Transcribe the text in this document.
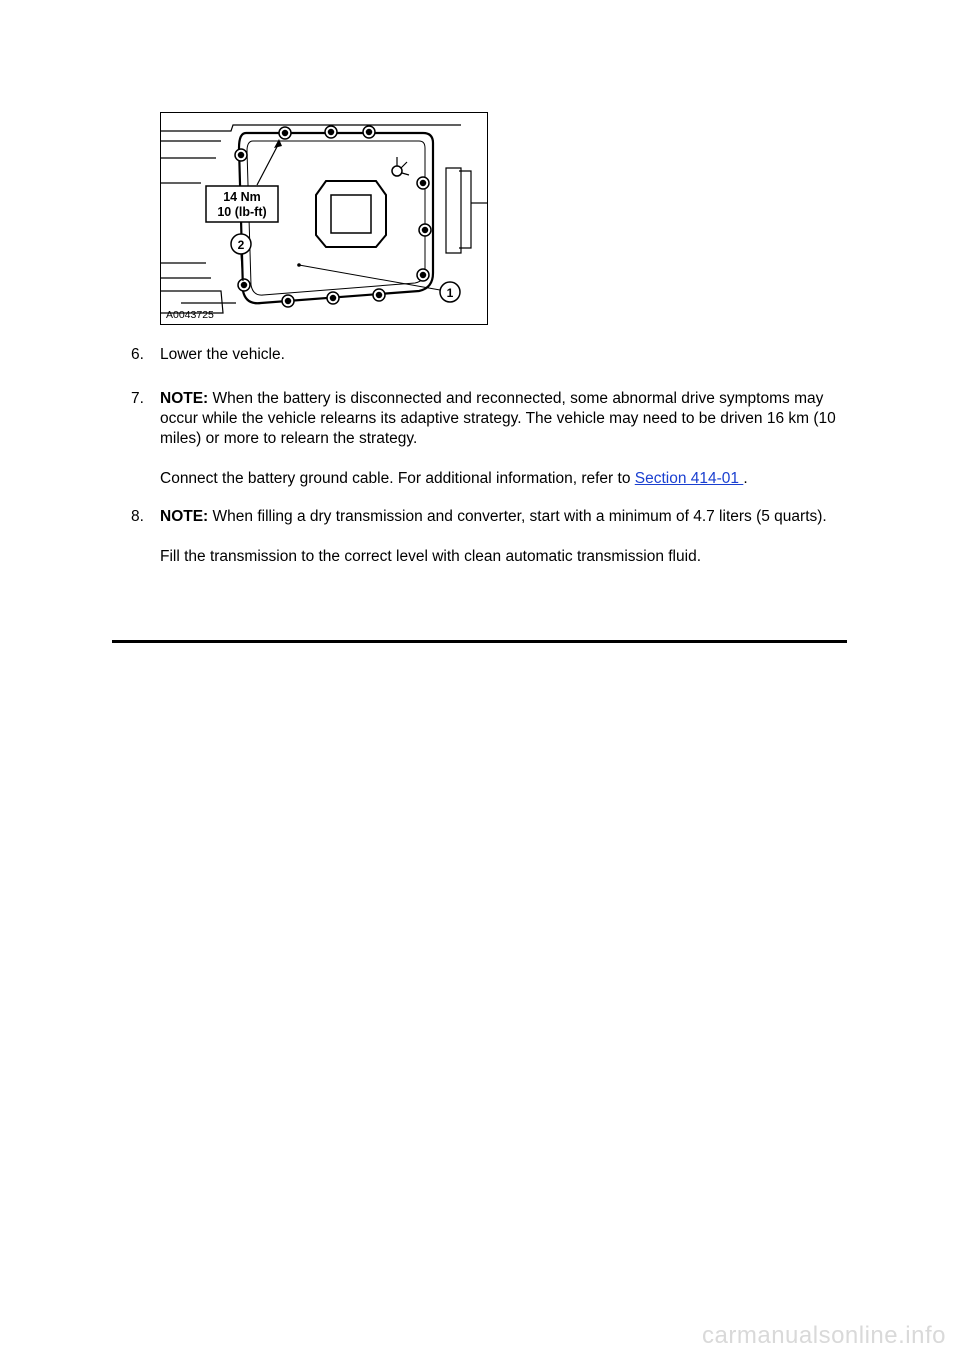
14 Nm
10 (lb-ft)
2
1
A0043725
6.	Lower the vehicle.
7.	NOTE: When the battery is disconnected and reconnected, some abnormal drive symptoms may occur while the vehicle relearns its adaptive strategy. The vehicle may need to be driven 16 km (10 miles) or more to relearn the strategy.
Connect the battery ground cable. For additional information, refer to Section 414-01 .
8.	NOTE: When filling a dry transmission and converter, start with a minimum of 4.7 liters (5 quarts).
Fill the transmission to the correct level with clean automatic transmission fluid.
carmanualsonline.info
